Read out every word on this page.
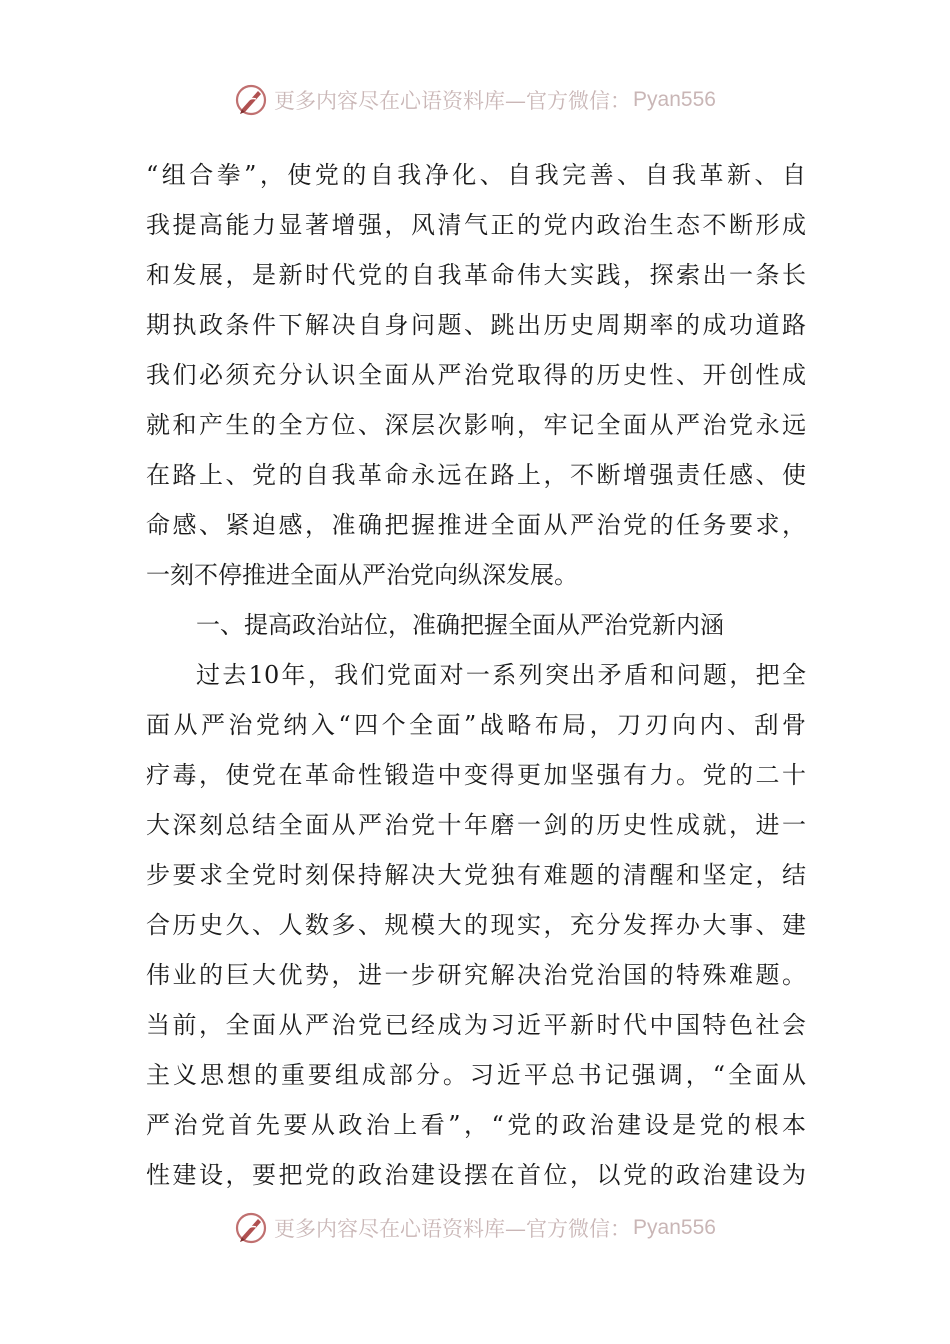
更多内容尽在心语资料库—官方微信： Pyan556
“组合拳”，使党的自我净化、自我完善、自我革新、自
我提高能力显著增强，风清气正的党内政治生态不断形成
和发展，是新时代党的自我革命伟大实践，探索出一条长
期执政条件下解决自身问题、跳出历史周期率的成功道路
我们必须充分认识全面从严治党取得的历史性、开创性成
就和产生的全方位、深层次影响，牢记全面从严治党永远
在路上、党的自我革命永远在路上，不断增强责任感、使
命感、紧迫感，准确把握推进全面从严治党的任务要求，
一刻不停推进全面从严治党向纵深发展。
一、提高政治站位，准确把握全面从严治党新内涵
过去10年，我们党面对一系列突出矛盾和问题，把全
面从严治党纳入“四个全面”战略布局，刀刃向内、刮骨
疗毒，使党在革命性锻造中变得更加坚强有力。党的二十
大深刻总结全面从严治党十年磨一剑的历史性成就，进一
步要求全党时刻保持解决大党独有难题的清醒和坚定，结
合历史久、人数多、规模大的现实，充分发挥办大事、建
伟业的巨大优势，进一步研究解决治党治国的特殊难题。
当前，全面从严治党已经成为习近平新时代中国特色社会
主义思想的重要组成部分。习近平总书记强调，“全面从
严治党首先要从政治上看”，“党的政治建设是党的根本
性建设，要把党的政治建设摆在首位，以党的政治建设为
更多内容尽在心语资料库—官方微信： Pyan556
